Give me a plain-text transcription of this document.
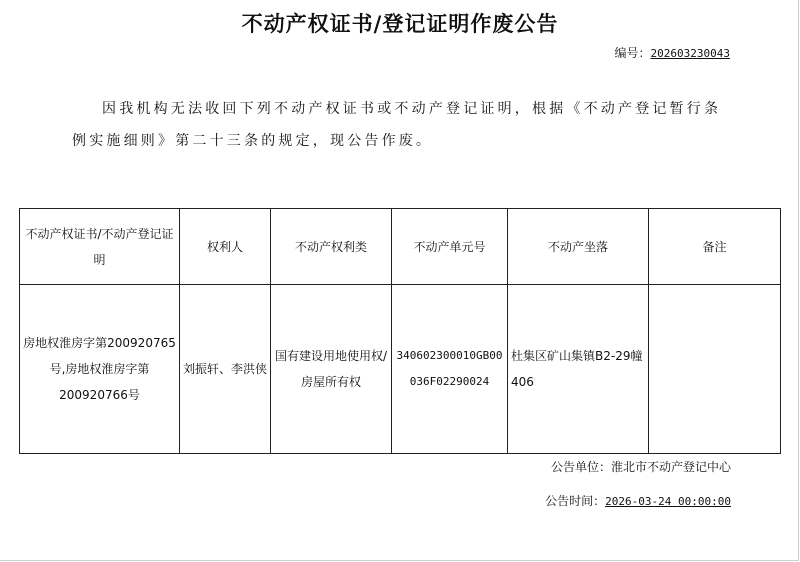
不动产权证书/登记证明作废公告
编号：202603230043
因我机构无法收回下列不动产权证书或不动产登记证明，根据《不动产登记暂行条例实施细则》第二十三条的规定，现公告作废。
不动产权证书/不动产登记证明	权利人	不动产权利类	不动产单元号	不动产坐落	备注
房地权淮房字第200920765号,房地权淮房字第200920766号	刘振轩、李洪侠	国有建设用地使用权/房屋所有权	340602300010GB00036F02290024	杜集区矿山集镇B2-29幢406	
公告单位：淮北市不动产登记中心
公告时间：2026-03-24 00:00:00
